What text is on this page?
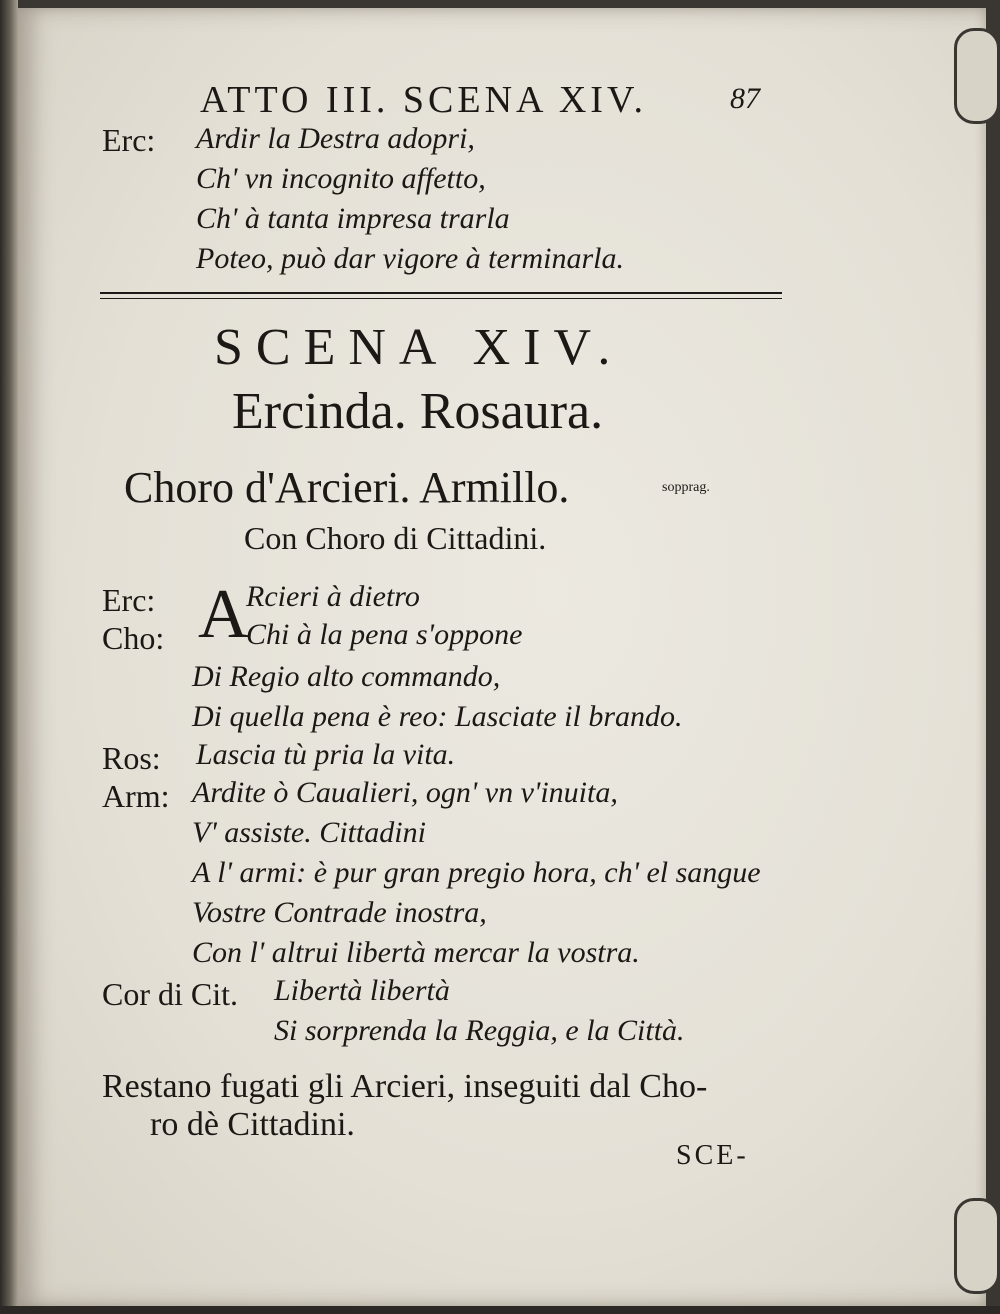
ATTO III. SCENA XIV.	87
Erc: Ardir la Destra adopri,
Ch' vn incognito affetto,
Ch' à tanta impresa trarla
Poteo, può dar vigore à terminarla.
SCENA XIV.
Ercinda. Rosaura.
Choro d'Arcieri. Armillo.	sopprag.
Con Choro di Cittadini.
A
Erc:	Rcieri à dietro
Cho:	Chi à la pena s'oppone
Di Regio alto commando,
Di quella pena è reo: Lasciate il brando.
Ros: Lascia tù pria la vita.
Arm: Ardite ò Caualieri, ogn' vn v'inuita,
V' assiste. Cittadini
A l' armi: è pur gran pregio hora, ch' el sangue
Vostre Contrade inostra,
Con l' altrui libertà mercar la vostra.
Cor di Cit. Libertà libertà
Si sorprenda la Reggia, e la Città.
Restano fugati gli Arcieri, inseguiti dal Cho-
ro dè Cittadini.
SCE-
